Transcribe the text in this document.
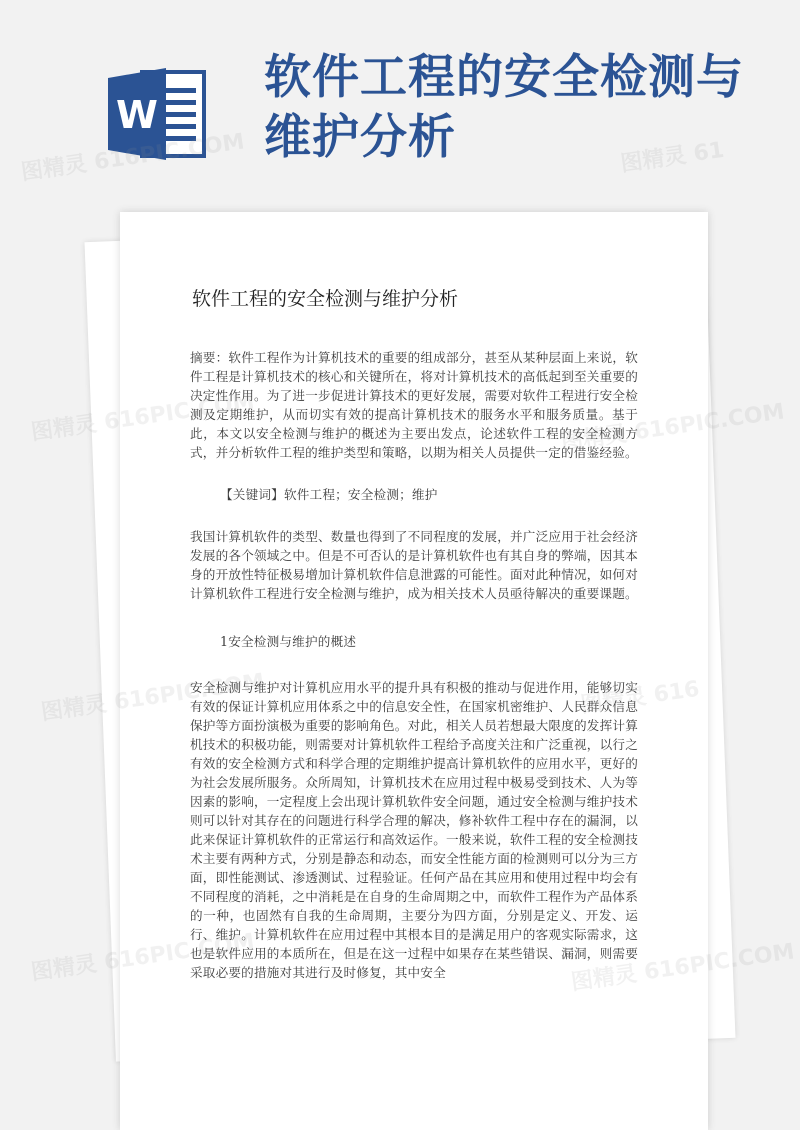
W
软件工程的安全检测与维护分析
软件工程的安全检测与维护分析

摘要：软件工程作为计算机技术的重要的组成部分，甚至从某种层面上来说，软件工程是计算机技术的核心和关键所在，将对计算机技术的高低起到至关重要的决定性作用。为了进一步促进计算技术的更好发展，需要对软件工程进行安全检测及定期维护，从而切实有效的提高计算机技术的服务水平和服务质量。基于此，本文以安全检测与维护的概述为主要出发点，论述软件工程的安全检测方式，并分析软件工程的维护类型和策略，以期为相关人员提供一定的借鉴经验。

【关键词】软件工程；安全检测；维护

我国计算机软件的类型、数量也得到了不同程度的发展，并广泛应用于社会经济发展的各个领域之中。但是不可否认的是计算机软件也有其自身的弊端，因其本身的开放性特征极易增加计算机软件信息泄露的可能性。面对此种情况，如何对计算机软件工程进行安全检测与维护，成为相关技术人员亟待解决的重要课题。

1安全检测与维护的概述

安全检测与维护对计算机应用水平的提升具有积极的推动与促进作用，能够切实有效的保证计算机应用体系之中的信息安全性，在国家机密维护、人民群众信息保护等方面扮演极为重要的影响角色。对此，相关人员若想最大限度的发挥计算机技术的积极功能，则需要对计算机软件工程给予高度关注和广泛重视，以行之有效的安全检测方式和科学合理的定期维护提高计算机软件的应用水平，更好的为社会发展所服务。众所周知，计算机技术在应用过程中极易受到技术、人为等因素的影响，一定程度上会出现计算机软件安全问题，通过安全检测与维护技术则可以针对其存在的问题进行科学合理的解决，修补软件工程中存在的漏洞，以此来保证计算机软件的正常运行和高效运作。一般来说，软件工程的安全检测技术主要有两种方式，分别是静态和动态，而安全性能方面的检测则可以分为三方面，即性能测试、渗透测试、过程验证。任何产品在其应用和使用过程中均会有不同程度的消耗，之中消耗是在自身的生命周期之中，而软件工程作为产品体系的一种，也固然有自我的生命周期，主要分为四方面，分别是定义、开发、运行、维护。计算机软件在应用过程中其根本目的是满足用户的客观实际需求，这也是软件应用的本质所在，但是在这一过程中如果存在某些错误、漏洞，则需要采取必要的措施对其进行及时修复，其中安全

图精灵 616PIC.COM	图精灵 61
图精灵
图精灵
图精灵
